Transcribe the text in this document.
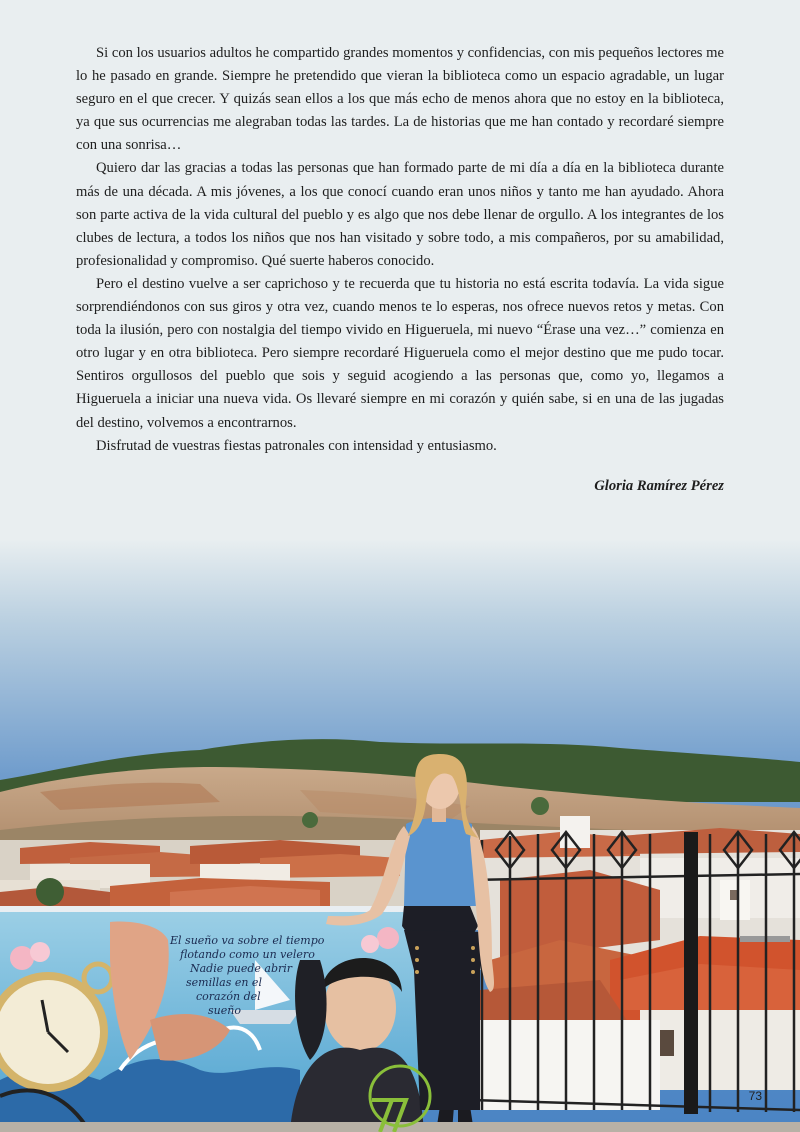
Si con los usuarios adultos he compartido grandes momentos y confidencias, con mis pequeños lectores me lo he pasado en grande. Siempre he pretendido que vieran la biblioteca como un espacio agradable, un lugar seguro en el que crecer. Y quizás sean ellos a los que más echo de menos ahora que no estoy en la biblioteca, ya que sus ocurrencias me alegraban todas las tardes. La de historias que me han contado y recordaré siempre con una sonrisa…

Quiero dar las gracias a todas las personas que han formado parte de mi día a día en la biblioteca durante más de una década. A mis jóvenes, a los que conocí cuando eran unos niños y tanto me han ayudado. Ahora son parte activa de la vida cultural del pueblo y es algo que nos debe llenar de orgullo. A los integrantes de los clubes de lectura, a todos los niños que nos han visitado y sobre todo, a mis compañeros, por su amabilidad, profesionalidad y compromiso. Qué suerte haberos conocido.

Pero el destino vuelve a ser caprichoso y te recuerda que tu historia no está escrita todavía. La vida sigue sorprendiéndonos con sus giros y otra vez, cuando menos te lo esperas, nos ofrece nuevos retos y metas. Con toda la ilusión, pero con nostalgia del tiempo vivido en Higueruela, mi nuevo “Érase una vez…” comienza en otro lugar y en otra biblioteca. Pero siempre recordaré Higueruela como el mejor destino que me pudo tocar. Sentiros orgullosos del pueblo que sois y seguid acogiendo a las personas que, como yo, llegamos a Higueruela a iniciar una nueva vida. Os llevaré siempre en mi corazón y quién sabe, si en una de las jugadas del destino, volvemos a encontrarnos.

Disfrutad de vuestras fiestas patronales con intensidad y entusiasmo.

Gloria Ramírez Pérez
El sueño va sobre el tiempo
flotando como un velero
Nadie puede abrir
semillas en el
corazón del
sueño
73
